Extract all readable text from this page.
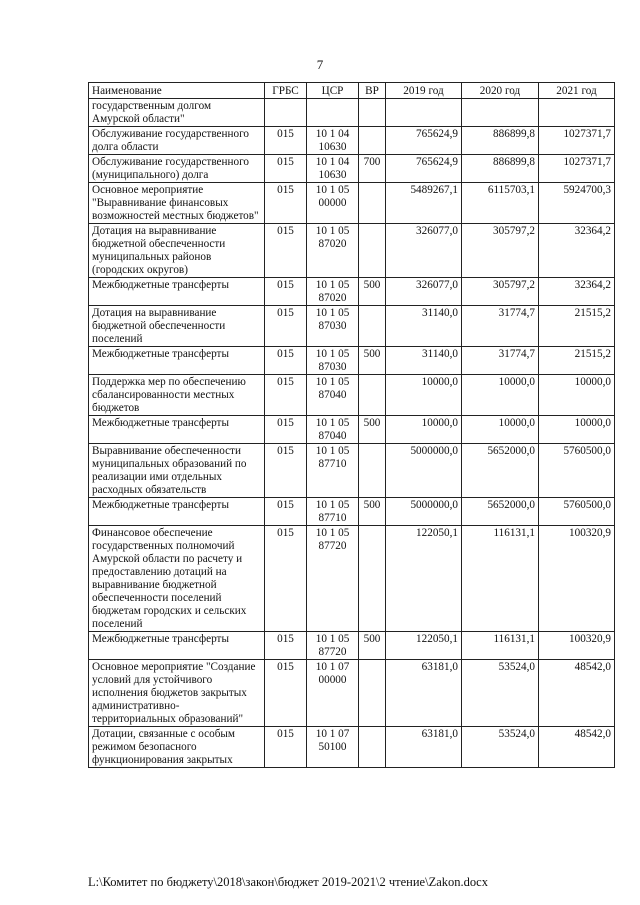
7
Наименование	ГРБС	ЦСР	ВР	2019 год	2020 год	2021 год
государственным долгом Амурской области"						
Обслуживание государственного долга области	015	10 1 04 10630		765624,9	886899,8	1027371,7
Обслуживание государственного (муниципального) долга	015	10 1 04 10630	700	765624,9	886899,8	1027371,7
Основное мероприятие "Выравнивание финансовых возможностей местных бюджетов"	015	10 1 05 00000		5489267,1	6115703,1	5924700,3
Дотация на выравнивание бюджетной обеспеченности муниципальных районов (городских округов)	015	10 1 05 87020		326077,0	305797,2	32364,2
Межбюджетные трансферты	015	10 1 05 87020	500	326077,0	305797,2	32364,2
Дотация на выравнивание бюджетной обеспеченности поселений	015	10 1 05 87030		31140,0	31774,7	21515,2
Межбюджетные трансферты	015	10 1 05 87030	500	31140,0	31774,7	21515,2
Поддержка мер по обеспечению сбалансированности местных бюджетов	015	10 1 05 87040		10000,0	10000,0	10000,0
Межбюджетные трансферты	015	10 1 05 87040	500	10000,0	10000,0	10000,0
Выравнивание обеспеченности муниципальных образований по реализации ими отдельных расходных обязательств	015	10 1 05 87710		5000000,0	5652000,0	5760500,0
Межбюджетные трансферты	015	10 1 05 87710	500	5000000,0	5652000,0	5760500,0
Финансовое обеспечение государственных полномочий Амурской области по расчету и предоставлению дотаций на выравнивание бюджетной обеспеченности поселений бюджетам городских и сельских поселений	015	10 1 05 87720		122050,1	116131,1	100320,9
Межбюджетные трансферты	015	10 1 05 87720	500	122050,1	116131,1	100320,9
Основное мероприятие "Создание условий для устойчивого исполнения бюджетов закрытых административно-территориальных образований"	015	10 1 07 00000		63181,0	53524,0	48542,0
Дотации, связанные с особым режимом безопасного функционирования закрытых	015	10 1 07 50100		63181,0	53524,0	48542,0
L:\Комитет по бюджету\2018\закон\бюджет 2019-2021\2 чтение\Zakon.docx
